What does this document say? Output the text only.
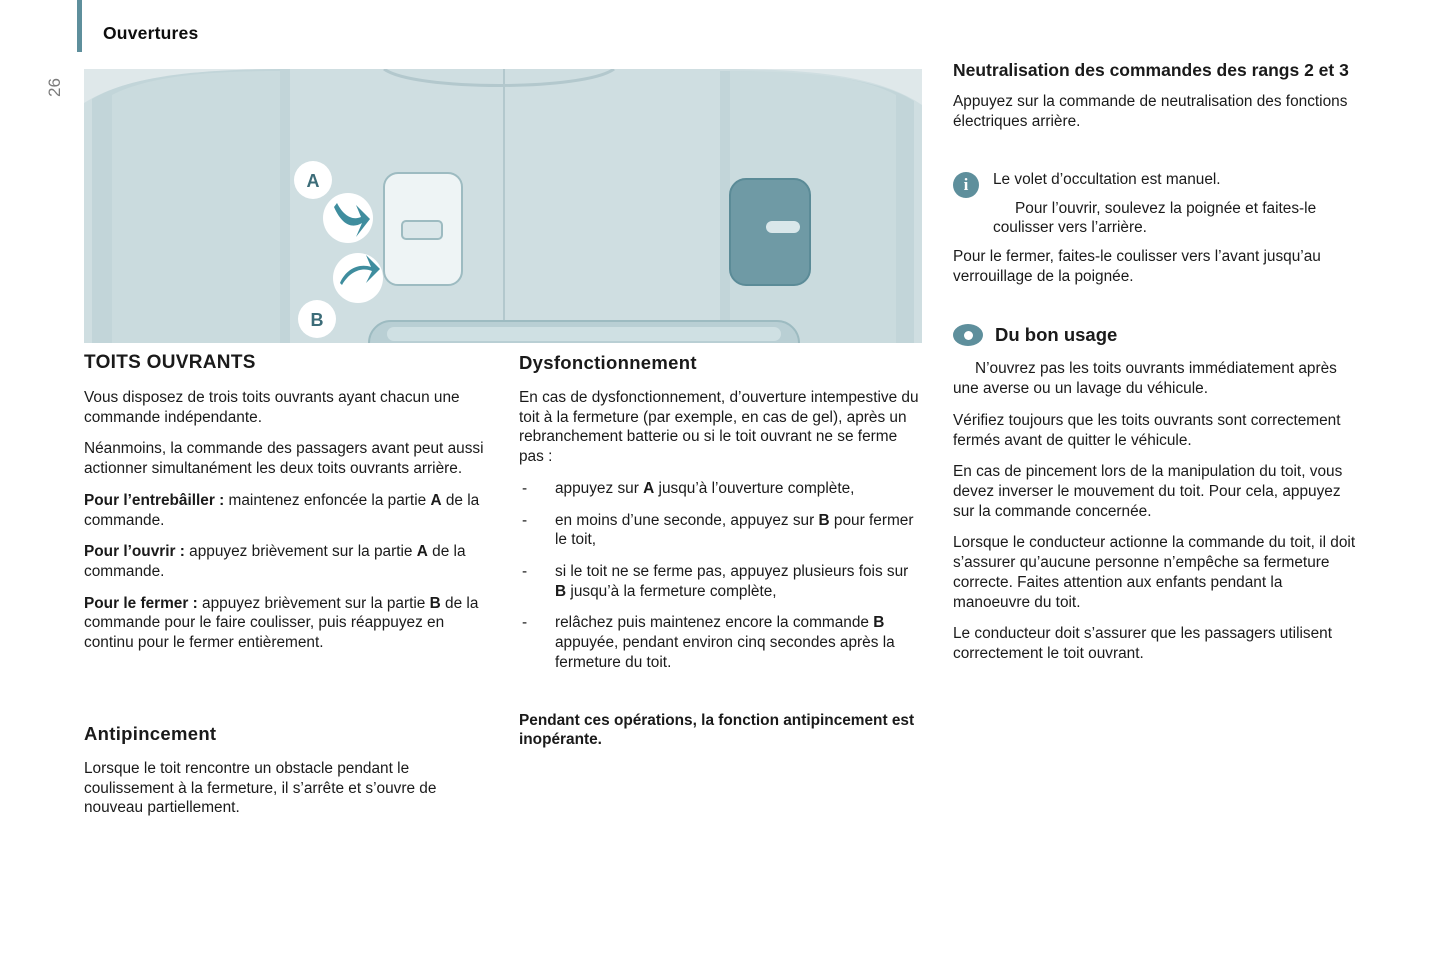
Ouvertures
26
A
B
TOITS OUVRANTS

Vous disposez de trois toits ouvrants ayant chacun une commande indépendante.

Néanmoins, la commande des passagers avant peut aussi actionner simultanément les deux toits ouvrants arrière.

Pour l’entrebâiller : maintenez enfoncée la partie A de la commande.

Pour l’ouvrir : appuyez brièvement sur la partie A de la commande.

Pour le fermer : appuyez brièvement sur la partie B de la commande pour le faire coulisser, puis réappuyez en continu pour le fermer entièrement.

Antipincement

Lorsque le toit rencontre un obstacle pendant le coulissement à la fermeture, il s’arrête et s’ouvre de nouveau partiellement.

Dysfonctionnement

En cas de dysfonctionnement, d’ouverture intempestive du toit à la fermeture (par exemple, en cas de gel), après un rebranchement batterie ou si le toit ouvrant ne se ferme pas :

- appuyez sur A jusqu’à l’ouverture complète,
- en moins d’une seconde, appuyez sur B pour fermer le toit,
- si le toit ne se ferme pas, appuyez plusieurs fois sur B jusqu’à la fermeture complète,
- relâchez puis maintenez encore la commande B appuyée, pendant environ cinq secondes après la fermeture du toit.

Pendant ces opérations, la fonction antipincement est inopérante.

Neutralisation des commandes des rangs 2 et 3

Appuyez sur la commande de neutralisation des fonctions électriques arrière.

i	Le volet d’occultation est manuel.

Pour l’ouvrir, soulevez la poignée et faites-le coulisser vers l’arrière.

Pour le fermer, faites-le coulisser vers l’avant jusqu’au verrouillage de la poignée.

Du bon usage

N’ouvrez pas les toits ouvrants immédiatement après une averse ou un lavage du véhicule.

Vérifiez toujours que les toits ouvrants sont correctement fermés avant de quitter le véhicule.

En cas de pincement lors de la manipulation du toit, vous devez inverser le mouvement du toit. Pour cela, appuyez sur la commande concernée.

Lorsque le conducteur actionne la commande du toit, il doit s’assurer qu’aucune personne n’empêche sa fermeture correcte. Faites attention aux enfants pendant la manoeuvre du toit.

Le conducteur doit s’assurer que les passagers utilisent correctement le toit ouvrant.
